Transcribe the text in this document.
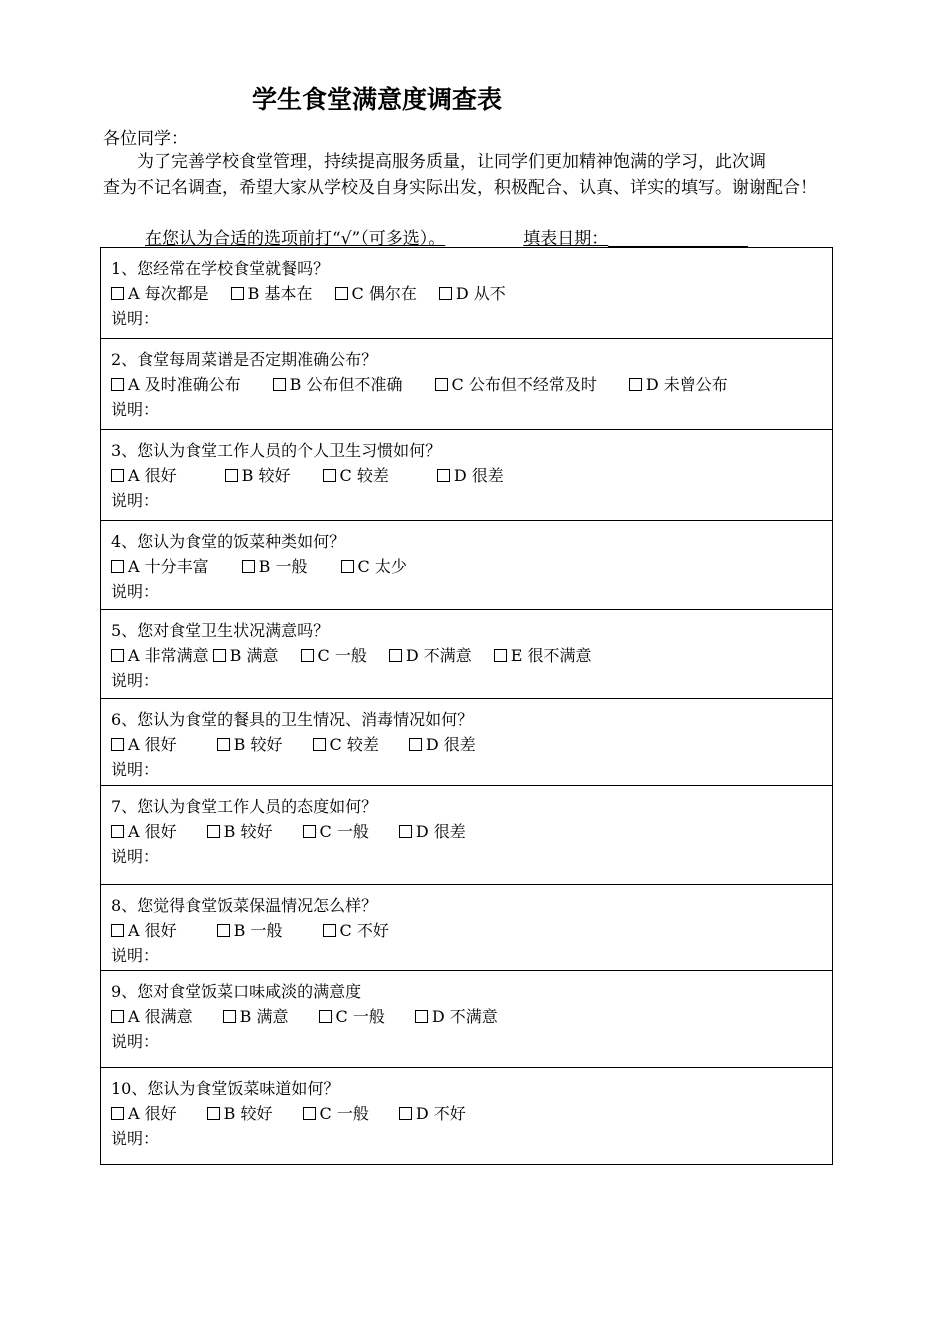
学生食堂满意度调查表
各位同学：

　　为了完善学校食堂管理，持续提高服务质量，让同学们更加精神饱满的学习，此次调

查为不记名调查，希望大家从学校及自身实际出发，积极配合、认真、详实的填写。谢谢配合！

在您认为合适的选项前打“√”（可多选）。	填表日期：
1、您经常在学校食堂就餐吗？
A 每次都是 B 基本在 C 偶尔在 D 从不
说明：

2、食堂每周菜谱是否定期准确公布？
A 及时准确公布	B 公布但不准确	C 公布但不经常及时	D 未曾公布
说明：

3、您认为食堂工作人员的个人卫生习惯如何？
A 很好	B 较好	C 较差	D 很差
说明：

4、您认为食堂的饭菜种类如何？
A 十分丰富	B 一般	C 太少
说明：

5、您对食堂卫生状况满意吗？
A 非常满意 B 满意 C 一般 D 不满意 E 很不满意
说明：

6、您认为食堂的餐具的卫生情况、消毒情况如何？
A 很好	B 较好	C 较差	D 很差
说明：

7、您认为食堂工作人员的态度如何？
A 很好	B 较好	C 一般	D 很差
说明：

8、您觉得食堂饭菜保温情况怎么样？
A 很好	B 一般	C 不好
说明：

9、您对食堂饭菜口味咸淡的满意度
A 很满意	B 满意	C 一般	D 不满意
说明：

10、您认为食堂饭菜味道如何？
A 很好	B 较好	C 一般	D 不好
说明：
